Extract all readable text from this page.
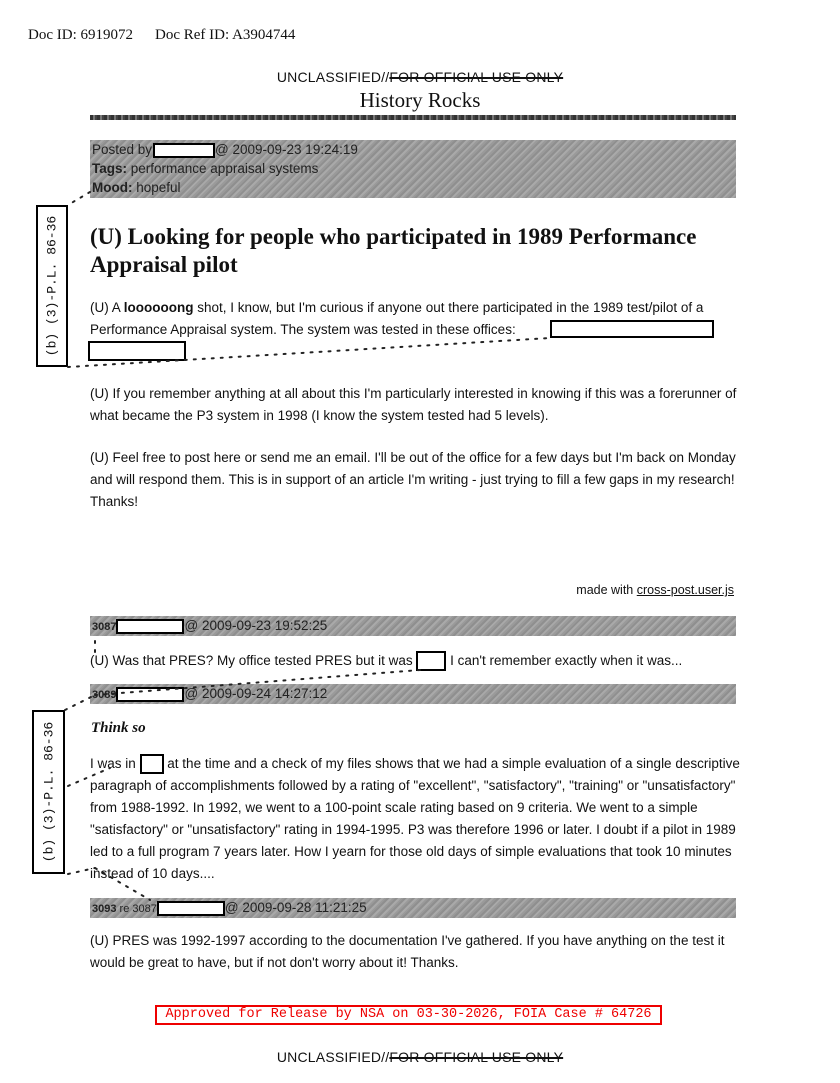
Doc ID: 6919072 Doc Ref ID: A3904744
UNCLASSIFIED//FOR OFFICIAL USE ONLY
History Rocks
Posted by	@ 2009-09-23 19:24:19
Tags: performance appraisal systems
Mood: hopeful
(b) (3)-P.L. 86-36 (U) Looking for people who participated in 1989 Performance Appraisal pilot
(U) A loooooong shot, I know, but I'm curious if anyone out there participated in the 1989 test/pilot of a Performance Appraisal system. The system was tested in these offices:
(U) If you remember anything at all about this I'm particularly interested in knowing if this was a forerunner of what became the P3 system in 1998 (I know the system tested had 5 levels).
(U) Feel free to post here or send me an email. I'll be out of the office for a few days but I'm back on Monday and will respond them. This is in support of an article I'm writing - just trying to fill a few gaps in my research! Thanks!
made with cross-post.user.js
3087	@ 2009-09-23 19:52:25
(U) Was that PRES? My office tested PRES but it was	I can't remember exactly when it was...
3089	@ 2009-09-24 14:27:12
(b) (3)-P.L. 86-36 Think so
I was in  at the time and a check of my files shows that we had a simple evaluation of a single descriptive paragraph of accomplishments followed by a rating of "excellent", "satisfactory", "training" or "unsatisfactory" from 1988-1992. In 1992, we went to a 100-point scale rating based on 9 criteria. We went to a simple "satisfactory" or "unsatisfactory" rating in 1994-1995. P3 was therefore 1996 or later. I doubt if a pilot in 1989 led to a full program 7 years later. How I yearn for those old days of simple evaluations that took 10 minutes instead of 10 days....
3093 re 3087	@ 2009-09-28 11:21:25
(U) PRES was 1992-1997 according to the documentation I've gathered. If you have anything on the test it would be great to have, but if not don't worry about it! Thanks.
Approved for Release by NSA on 03-30-2026, FOIA Case # 64726
UNCLASSIFIED//FOR OFFICIAL USE ONLY
